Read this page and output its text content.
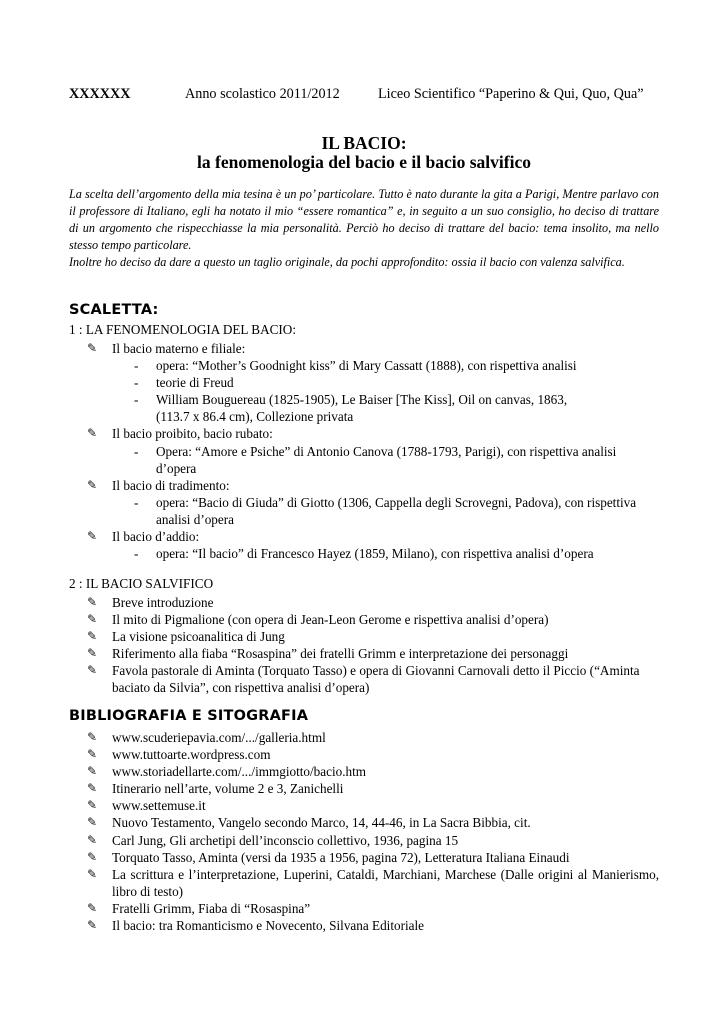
XXXXXX	Anno scolastico 2011/2012	Liceo Scientifico “Paperino & Qui, Quo, Qua”
IL BACIO:
la fenomenologia del bacio e il bacio salvifico

La scelta dell’argomento della mia tesina è un po’ particolare. Tutto è nato durante la gita a Parigi, Mentre parlavo con il professore di Italiano, egli ha notato il mio “essere romantica” e, in seguito a un suo consiglio, ho deciso di trattare di un argomento che rispecchiasse la mia personalità. Perciò ho deciso di trattare del bacio: tema insolito, ma nello stesso tempo particolare.

Inoltre ho deciso da dare a questo un taglio originale, da pochi approfondito: ossia il bacio con valenza salvifica.

SCALETTA:
1 : LA FENOMENOLOGIA DEL BACIO:
✎ Il bacio materno e filiale:
- opera: “Mother’s Goodnight kiss” di Mary Cassatt (1888), con rispettiva analisi
- teorie di Freud
- William Bouguereau (1825-1905), Le Baiser [The Kiss], Oil on canvas, 1863, (113.7 x 86.4 cm), Collezione privata
✎ Il bacio proibito, bacio rubato:
- Opera: “Amore e Psiche” di Antonio Canova (1788-1793, Parigi), con rispettiva analisi d’opera
✎ Il bacio di tradimento:
- opera: “Bacio di Giuda” di Giotto (1306, Cappella degli Scrovegni, Padova), con rispettiva analisi d’opera
✎ Il bacio d’addio:
- opera: “Il bacio” di Francesco Hayez (1859, Milano), con rispettiva analisi d’opera
2 : IL BACIO SALVIFICO
✎ Breve introduzione
✎ Il mito di Pigmalione (con opera di Jean-Leon Gerome e rispettiva analisi d’opera)
✎ La visione psicoanalitica di Jung
✎ Riferimento alla fiaba “Rosaspina” dei fratelli Grimm e interpretazione dei personaggi
✎ Favola pastorale di Aminta (Torquato Tasso) e opera di Giovanni Carnovali detto il Piccio (“Aminta baciato da Silvia”, con rispettiva analisi d’opera)
BIBLIOGRAFIA E SITOGRAFIA
✎ www.scuderiepavia.com/.../galleria.html
✎ www.tuttoarte.wordpress.com
✎ www.storiadellarte.com/.../immgiotto/bacio.htm
✎ Itinerario nell’arte, volume 2 e 3, Zanichelli
✎ www.settemuse.it
✎ Nuovo Testamento, Vangelo secondo Marco, 14, 44-46, in La Sacra Bibbia, cit.
✎ Carl Jung, Gli archetipi dell’inconscio collettivo, 1936, pagina 15
✎ Torquato Tasso, Aminta (versi da 1935 a 1956, pagina 72), Letteratura Italiana Einaudi
✎ La scrittura e l’interpretazione, Luperini, Cataldi, Marchiani, Marchese (Dalle origini al Manierismo, libro di testo)
✎ Fratelli Grimm, Fiaba di “Rosaspina”
✎ Il bacio: tra Romanticismo e Novecento, Silvana Editoriale
